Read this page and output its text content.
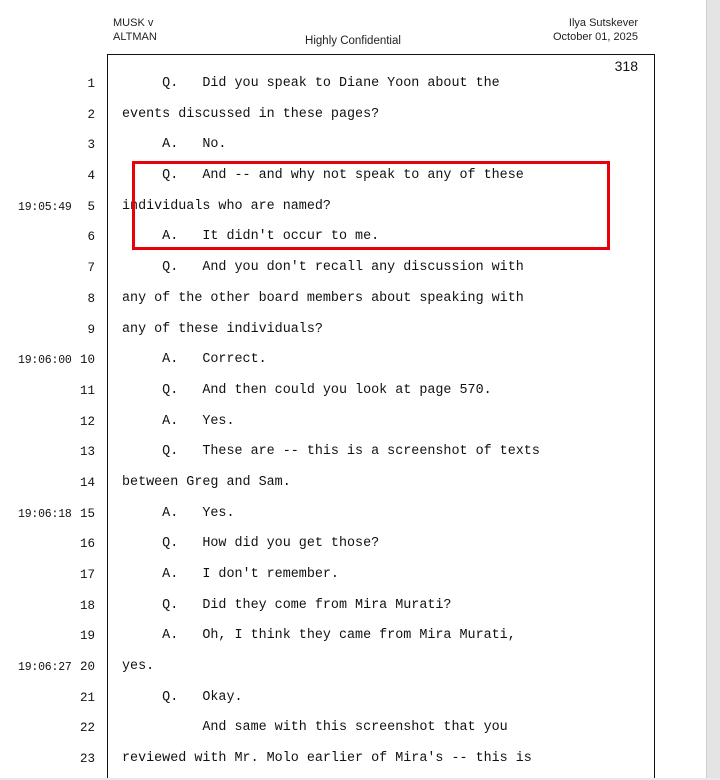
MUSK v
ALTMAN	Highly Confidential
Ilya Sutskever
October 01, 2025
318
1 Q.   Did you speak to Diane Yoon about the
2 events discussed in these pages?
3 A.   No.
4 Q.   And -- and why not speak to any of these
19:05:49	5 individuals who are named?
6 A.   It didn't occur to me.
7 Q.   And you don't recall any discussion with
8 any of the other board members about speaking with
9 any of these individuals?
19:06:00 10 A.   Correct.
11 Q.   And then could you look at page 570.
12 A.   Yes.
13 Q.   These are -- this is a screenshot of texts
14 between Greg and Sam.
19:06:18 15 A.   Yes.
16 Q.   How did you get those?
17 A.   I don't remember.
18 Q.   Did they come from Mira Murati?
19 A.   Oh, I think they came from Mira Murati,
19:06:27 20 yes.
21 Q.   Okay.
22 And same with this screenshot that you
23 reviewed with Mr. Molo earlier of Mira's -- this is
